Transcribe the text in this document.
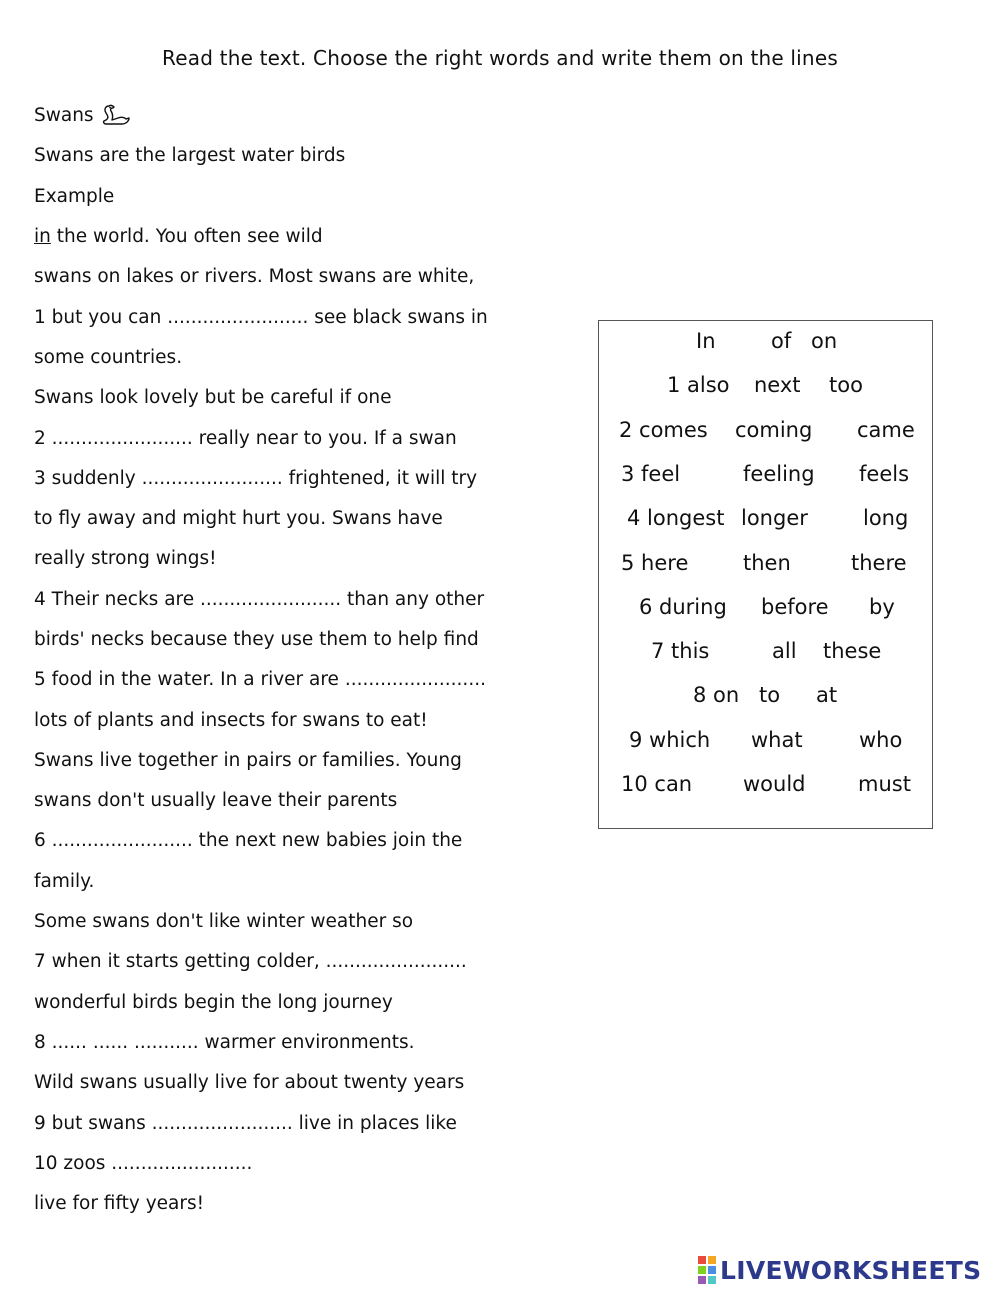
Read the text. Choose the right words and write them on the lines
Swans
Swans are the largest water birds
Example
in the world. You often see wild
swans on lakes or rivers. Most swans are white,
1 but you can ........................ see black swans in
some countries.
Swans look lovely but be careful if one
2 ........................ really near to you. If a swan
3 suddenly ........................ frightened, it will try
to fly away and might hurt you. Swans have
really strong wings!
4 Their necks are ........................ than any other
birds' necks because they use them to help find
5 food in the water. In a river are ........................
lots of plants and insects for swans to eat!
Swans live together in pairs or families. Young
swans don't usually leave their parents
6 ........................ the next new babies join the
family.
Some swans don't like winter weather so
7 when it starts getting colder, ........................
wonderful birds begin the long journey
8 ...... ...... ........... warmer environments.
Wild swans usually live for about twenty years
9 but swans ........................ live in places like
10 zoos ........................
live for fifty years!
In	of on
1 also next too
2 comes coming came
3 feel	feeling feels
4 longest longer	long
5 here	then	there
6 during before by
7 this	all these
8 on to at
9 which what	who
10 can would	must
LIVEWORKSHEETS
